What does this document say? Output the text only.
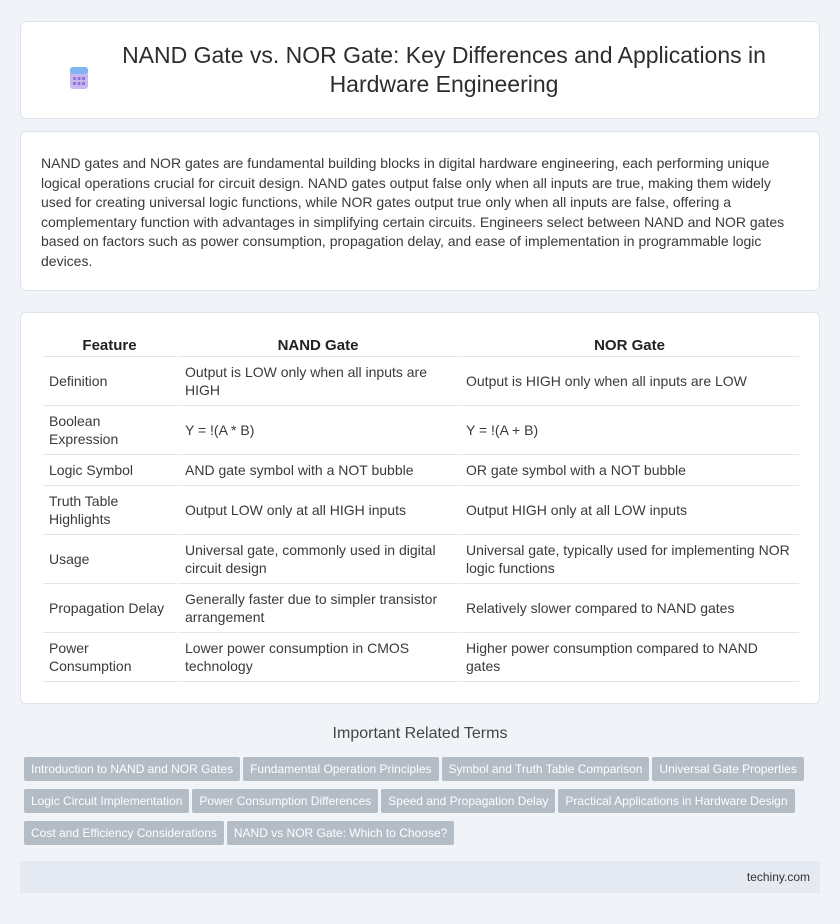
NAND Gate vs. NOR Gate: Key Differences and Applications in Hardware Engineering

NAND gates and NOR gates are fundamental building blocks in digital hardware engineering, each performing unique logical operations crucial for circuit design. NAND gates output false only when all inputs are true, making them widely used for creating universal logic functions, while NOR gates output true only when all inputs are false, offering a complementary function with advantages in simplifying certain circuits. Engineers select between NAND and NOR gates based on factors such as power consumption, propagation delay, and ease of implementation in programmable logic devices.

Feature	NAND Gate	NOR Gate
Definition	Output is LOW only when all inputs are HIGH	Output is HIGH only when all inputs are LOW
Boolean Expression	Y = !(A * B)	Y = !(A + B)
Logic Symbol	AND gate symbol with a NOT bubble	OR gate symbol with a NOT bubble
Truth Table Highlights	Output LOW only at all HIGH inputs	Output HIGH only at all LOW inputs
Usage	Universal gate, commonly used in digital circuit design	Universal gate, typically used for implementing NOR logic functions
Propagation Delay	Generally faster due to simpler transistor arrangement	Relatively slower compared to NAND gates
Power Consumption	Lower power consumption in CMOS technology	Higher power consumption compared to NAND gates
Important Related Terms
Introduction to NAND and NOR Gates Fundamental Operation Principles Symbol and Truth Table Comparison Universal Gate PropertiesLogic Circuit Implementation Power Consumption Differences Speed and Propagation Delay Practical Applications in Hardware DesignCost and Efficiency Considerations NAND vs NOR Gate: Which to Choose?
techiny.com
